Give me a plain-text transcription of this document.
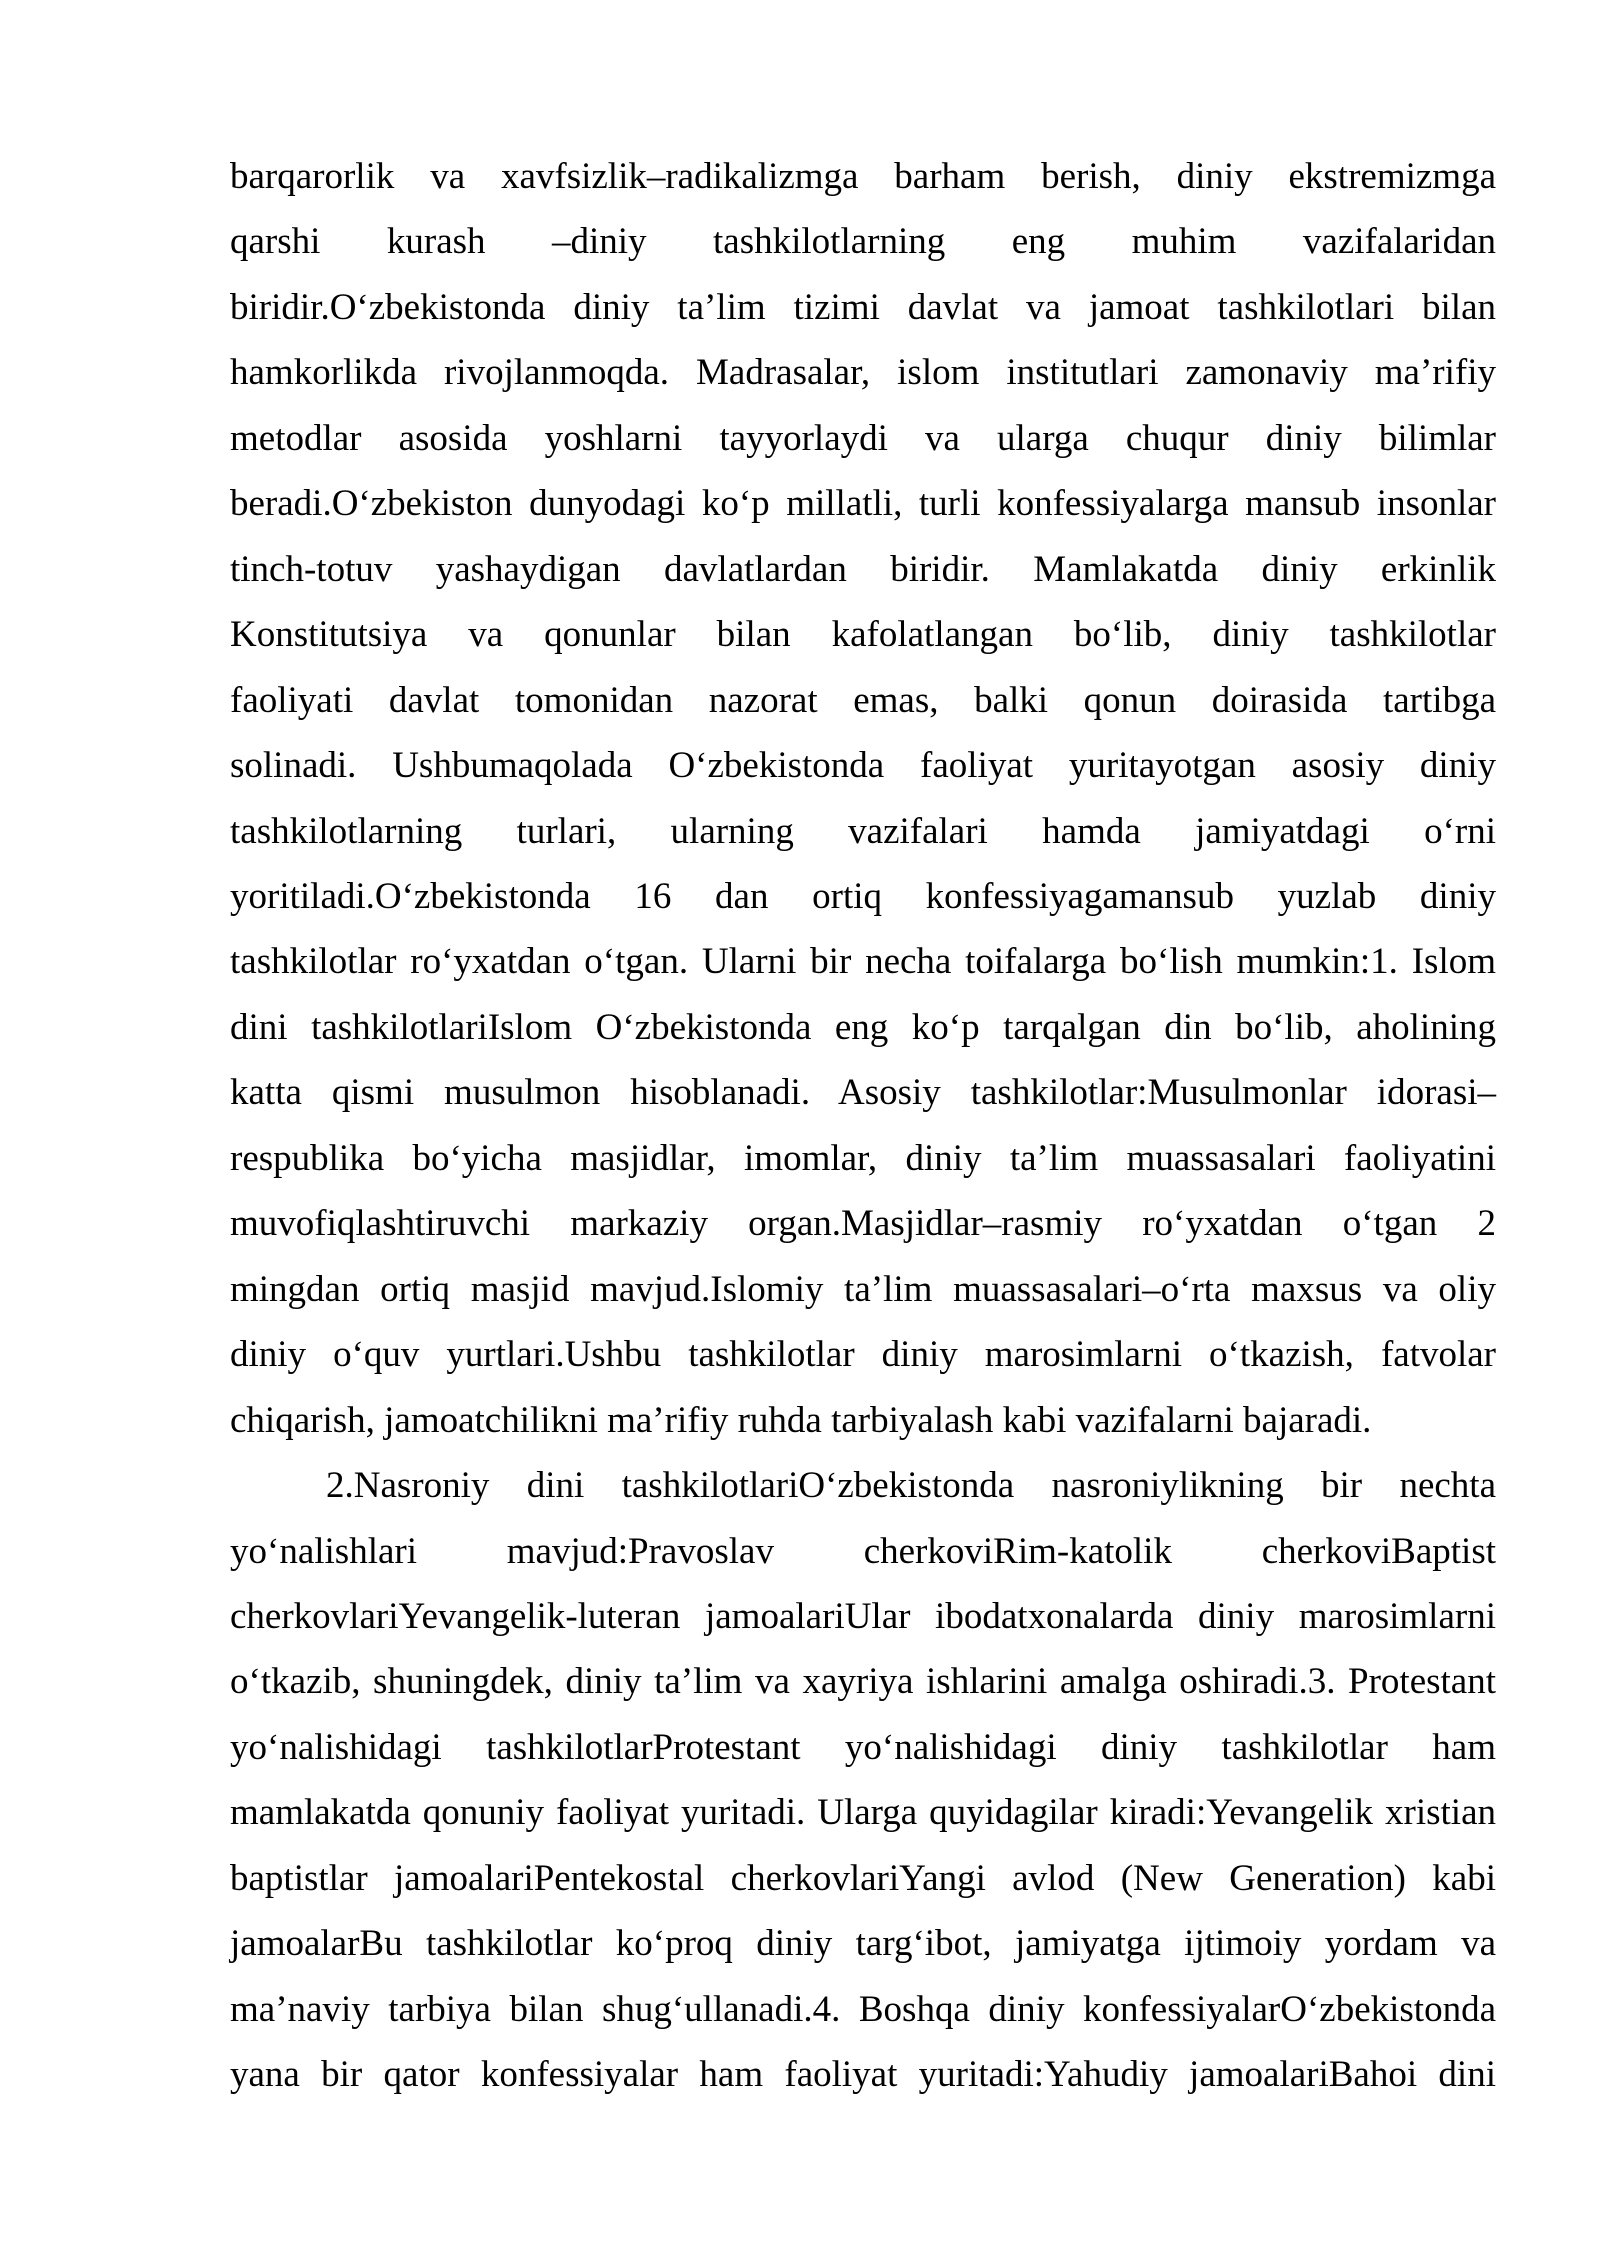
barqarorlik va xavfsizlik–radikalizmga barham berish, diniy ekstremizmga
qarshi kurash –diniy tashkilotlarning eng muhim vazifalaridan
biridir.Oʻzbekistonda diniy ta’lim tizimi davlat va jamoat tashkilotlari bilan
hamkorlikda rivojlanmoqda. Madrasalar, islom institutlari zamonaviy ma’rifiy
metodlar asosida yoshlarni tayyorlaydi va ularga chuqur diniy bilimlar
beradi.Oʻzbekiston dunyodagi koʻp millatli, turli konfessiyalarga mansub insonlar
tinch-totuv yashaydigan davlatlardan biridir. Mamlakatda diniy erkinlik
Konstitutsiya va qonunlar bilan kafolatlangan boʻlib, diniy tashkilotlar
faoliyati davlat tomonidan nazorat emas, balki qonun doirasida tartibga
solinadi. Ushbumaqolada Oʻzbekistonda faoliyat yuritayotgan asosiy diniy
tashkilotlarning turlari, ularning vazifalari hamda jamiyatdagi oʻrni
yoritiladi.Oʻzbekistonda 16 dan ortiq konfessiyagamansub yuzlab diniy
tashkilotlar roʻyxatdan oʻtgan. Ularni bir necha toifalarga boʻlish mumkin:1. Islom
dini tashkilotlariIslom Oʻzbekistonda eng koʻp tarqalgan din boʻlib, aholining
katta qismi musulmon hisoblanadi. Asosiy tashkilotlar:Musulmonlar idorasi–
respublika boʻyicha masjidlar, imomlar, diniy ta’lim muassasalari faoliyatini
muvofiqlashtiruvchi markaziy organ.Masjidlar–rasmiy roʻyxatdan oʻtgan 2
mingdan ortiq masjid mavjud.Islomiy ta’lim muassasalari–oʻrta maxsus va oliy
diniy oʻquv yurtlari.Ushbu tashkilotlar diniy marosimlarni oʻtkazish, fatvolar
chiqarish, jamoatchilikni ma’rifiy ruhda tarbiyalash kabi vazifalarni bajaradi.
2.Nasroniy dini tashkilotlariOʻzbekistonda nasroniylikning bir nechta
yoʻnalishlari mavjud:Pravoslav cherkoviRim-katolik cherkoviBaptist
cherkovlariYevangelik-luteran jamoalariUlar ibodatxonalarda diniy marosimlarni
oʻtkazib, shuningdek, diniy ta’lim va xayriya ishlarini amalga oshiradi.3. Protestant
yoʻnalishidagi tashkilotlarProtestant yoʻnalishidagi diniy tashkilotlar ham
mamlakatda qonuniy faoliyat yuritadi. Ularga quyidagilar kiradi:Yevangelik xristian
baptistlar jamoalariPentekostal cherkovlariYangi avlod (New Generation) kabi
jamoalarBu tashkilotlar koʻproq diniy targʻibot, jamiyatga ijtimoiy yordam va
ma’naviy tarbiya bilan shugʻullanadi.4. Boshqa diniy konfessiyalarOʻzbekistonda
yana bir qator konfessiyalar ham faoliyat yuritadi:Yahudiy jamoalariBahoi dini
